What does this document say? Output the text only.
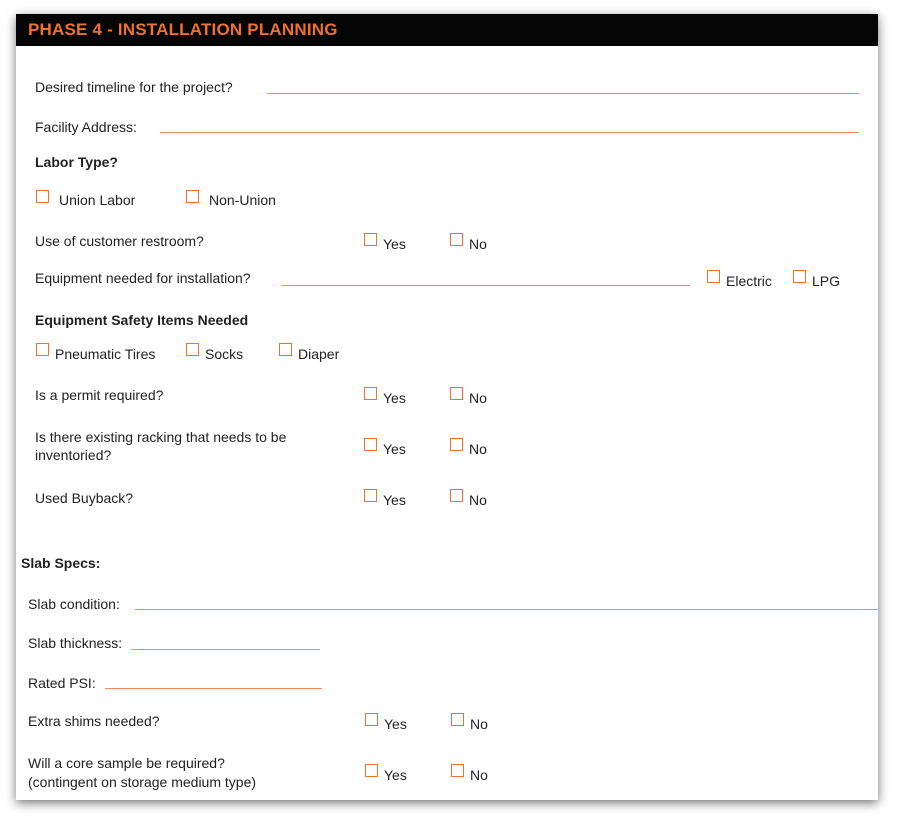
PHASE 4 - INSTALLATION PLANNING
Desired timeline for the project?
Facility Address:
Labor Type?
Union Labor	Non-Union
Use of customer restroom?	Yes	No
Equipment needed for installation?	Electric	LPG
Equipment Safety Items Needed
Pneumatic Tires	Socks	Diaper
Is a permit required?	Yes	No
Is there existing racking that needs to be
inventoried?	Yes	No
Used Buyback?	Yes	No
Slab Specs:
Slab condition:
Slab thickness:
Rated PSI:
Extra shims needed?	Yes	No
Will a core sample be required?
(contingent on storage medium type)	Yes	No
